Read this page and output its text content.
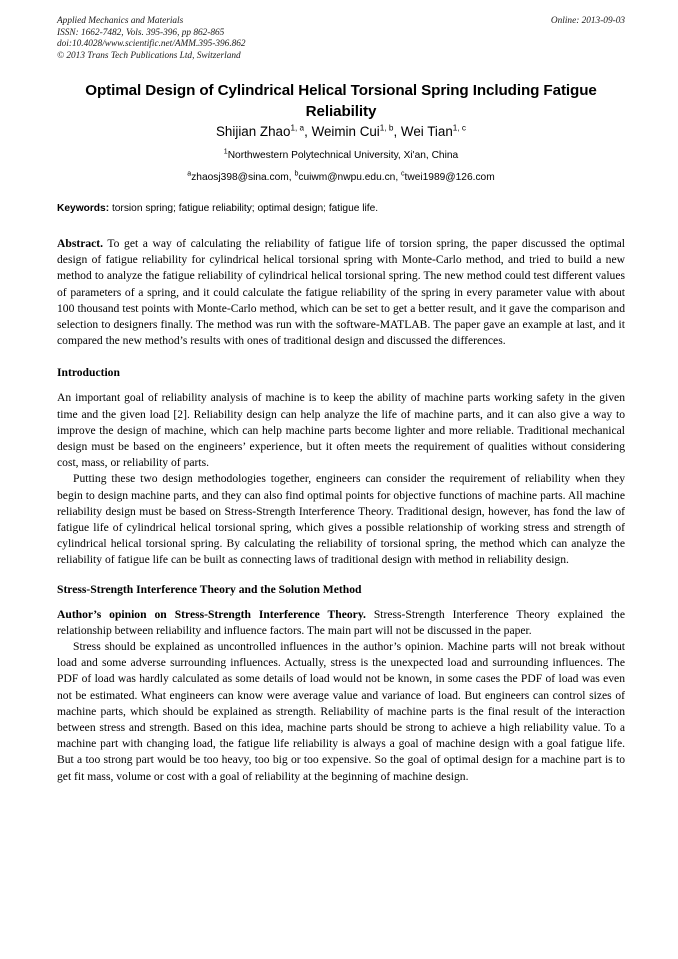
Applied Mechanics and Materials	Online: 2013-09-03
ISSN: 1662-7482, Vols. 395-396, pp 862-865
doi:10.4028/www.scientific.net/AMM.395-396.862
© 2013 Trans Tech Publications Ltd, Switzerland
Optimal Design of Cylindrical Helical Torsional Spring Including Fatigue Reliability
Shijian Zhao$^{1, a}$, Weimin Cui$^{1, b}$, Wei Tian$^{1, c}$
$^1$Northwestern Polytechnical University, Xi'an, China
$^a$zhaosj398@sina.com, $^b$cuiwm@nwpu.edu.cn, $^c$twei1989@126.com
Keywords: torsion spring; fatigue reliability; optimal design; fatigue life.

Abstract. To get a way of calculating the reliability of fatigue life of torsion spring, the paper discussed the optimal design of fatigue reliability for cylindrical helical torsional spring with Monte-Carlo method, and tried to build a new method to analyze the fatigue reliability of cylindrical helical torsional spring. The new method could test different values of parameters of a spring, and it could calculate the fatigue reliability of the spring in every parameter value with about 100 thousand test points with Monte-Carlo method, which can be set to get a better result, and it gave the comparison and selection to designers finally. The method was run with the software-MATLAB. The paper gave an example at last, and it compared the new method’s results with ones of traditional design and discussed the differences.

Introduction

An important goal of reliability analysis of machine is to keep the ability of machine parts working safety in the given time and the given load [2]. Reliability design can help analyze the life of machine parts, and it can also give a way to improve the design of machine, which can help machine parts become lighter and more reliable. Traditional mechanical design must be based on the engineers’ experience, but it often meets the requirement of qualities without considering cost, mass, or reliability of parts.

Putting these two design methodologies together, engineers can consider the requirement of reliability when they begin to design machine parts, and they can also find optimal points for objective functions of machine parts. All machine reliability design must be based on Stress-Strength Interference Theory. Traditional design, however, has fond the law of fatigue life of cylindrical helical torsional spring, which gives a possible relationship of working stress and strength of cylindrical helical torsional spring. By calculating the reliability of torsional spring, the method which can analyze the reliability of fatigue life can be built as connecting laws of traditional design with method in reliability design.

Stress-Strength Interference Theory and the Solution Method

Author’s opinion on Stress-Strength Interference Theory. Stress-Strength Interference Theory explained the relationship between reliability and influence factors. The main part will not be discussed in the paper.

Stress should be explained as uncontrolled influences in the author’s opinion. Machine parts will not break without load and some adverse surrounding influences. Actually, stress is the unexpected load and surrounding influences. The PDF of load was hardly calculated as some details of load would not be known, in some cases the PDF of load was even not be estimated. What engineers can know were average value and variance of load. But engineers can control sizes of machine parts, which should be explained as strength. Reliability of machine parts is the final result of the interaction between stress and strength. Based on this idea, machine parts should be strong to achieve a high reliability value. To a machine part with changing load, the fatigue life reliability is always a goal of machine design with a goal fatigue life. But a too strong part would be too heavy, too big or too expensive. So the goal of optimal design for a machine part is to get fit mass, volume or cost with a goal of reliability at the beginning of machine design.
